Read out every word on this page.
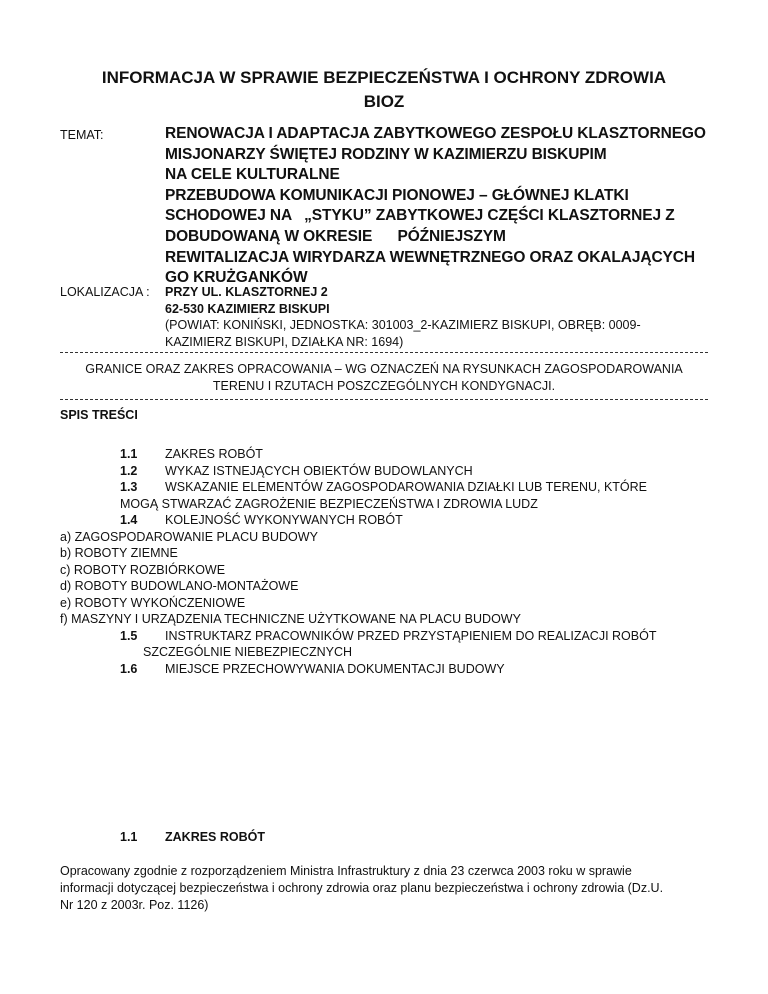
INFORMACJA W SPRAWIE BEZPIECZEŃSTWA I OCHRONY ZDROWIA
BIOZ
TEMAT:	RENOWACJA I ADAPTACJA ZABYTKOWEGO ZESPOŁU KLASZTORNEGO
MISJONARZY ŚWIĘTEJ RODZINY W KAZIMIERZU BISKUPIM
NA CELE KULTURALNE
PRZEBUDOWA KOMUNIKACJI PIONOWEJ – GŁÓWNEJ KLATKI
SCHODOWEJ NA   „STYKU” ZABYTKOWEJ CZĘŚCI KLASZTORNEJ Z
DOBUDOWANĄ W OKRESIE      PÓŹNIEJSZYM
REWITALIZACJA WIRYDARZA WEWNĘTRZNEGO ORAZ OKALAJĄCYCH
GO KRUŻGANKÓW
LOKALIZACJA : PRZY UL. KLASZTORNEJ 2
62-530 KAZIMIERZ BISKUPI
(POWIAT: KONIŃSKI, JEDNOSTKA: 301003_2-KAZIMIERZ BISKUPI, OBRĘB: 0009-
KAZIMIERZ BISKUPI, DZIAŁKA NR: 1694)
GRANICE ORAZ ZAKRES OPRACOWANIA – WG OZNACZEŃ NA RYSUNKACH ZAGOSPODAROWANIA
TERENU I RZUTACH POSZCZEGÓLNYCH KONDYGNACJI.
SPIS TREŚCI
1.1 ZAKRES ROBÓT
1.2 WYKAZ ISTNEJĄCYCH OBIEKTÓW BUDOWLANYCH
1.3 WSKAZANIE ELEMENTÓW ZAGOSPODAROWANIA DZIAŁKI LUB TERENU, KTÓRE
MOGĄ STWARZAĆ ZAGROŻENIE BEZPIECZEŃSTWA I ZDROWIA LUDZ
1.4 KOLEJNOŚĆ WYKONYWANYCH ROBÓT
a) ZAGOSPODAROWANIE PLACU BUDOWY
b) ROBOTY ZIEMNE
c) ROBOTY ROZBIÓRKOWE
d) ROBOTY BUDOWLANO-MONTAŻOWE
e) ROBOTY WYKOŃCZENIOWE
f) MASZYNY I URZĄDZENIA TECHNICZNE UŻYTKOWANE NA PLACU BUDOWY
1.5 INSTRUKTARZ PRACOWNIKÓW PRZED PRZYSTĄPIENIEM DO REALIZACJI ROBÓT
SZCZEGÓLNIE NIEBEZPIECZNYCH
1.6 MIEJSCE PRZECHOWYWANIA DOKUMENTACJI BUDOWY
1.1 ZAKRES ROBÓT
Opracowany zgodnie z rozporządzeniem Ministra Infrastruktury z dnia 23 czerwca 2003 roku w sprawie
informacji dotyczącej bezpieczeństwa i ochrony zdrowia oraz planu bezpieczeństwa i ochrony zdrowia (Dz.U.
Nr 120 z 2003r. Poz. 1126)
